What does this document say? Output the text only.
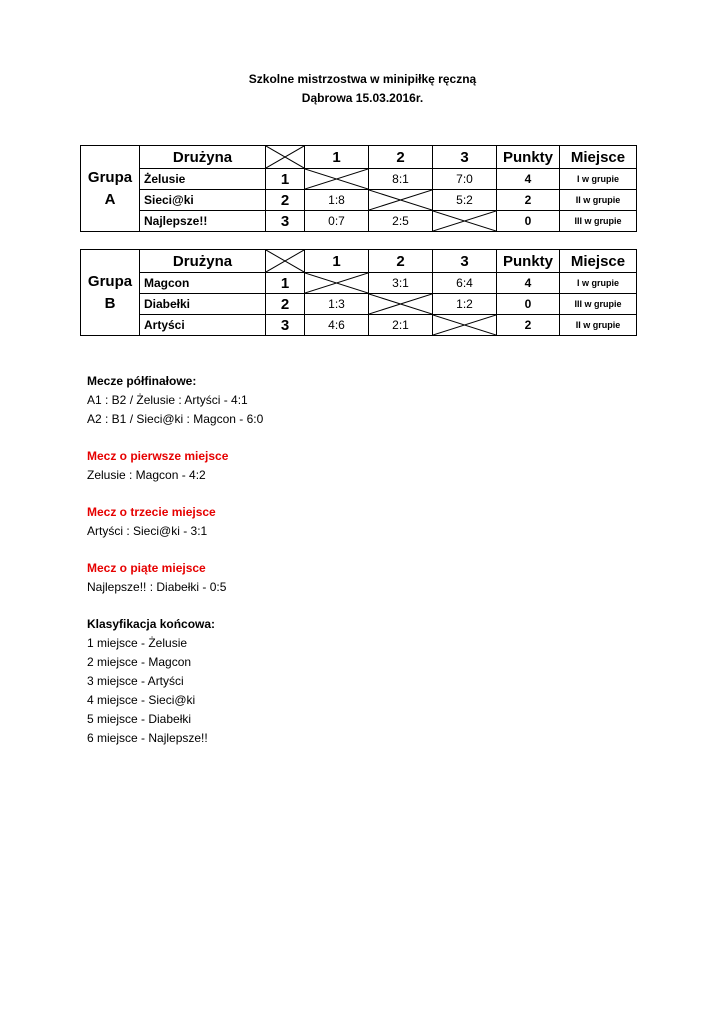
Szkolne mistrzostwa w minipiłkę ręczną
Dąbrowa 15.03.2016r.
Grupa
A	Drużyna		1	2	3	Punkty	Miejsce
	Żelusie	1		8:1	7:0	4	I w grupie
	Sieci@ki	2	1:8		5:2	2	II w grupie
	Najlepsze!!	3	0:7	2:5		0	III w grupie
Grupa
B	Drużyna		1	2	3	Punkty	Miejsce
	Magcon	1		3:1	6:4	4	I w grupie
	Diabełki	2	1:3		1:2	0	III w grupie
	Artyści	3	4:6	2:1		2	II w grupie
Mecze półfinałowe:
A1 : B2 / Żelusie : Artyści - 4:1
A2 : B1 / Sieci@ki : Magcon - 6:0
Mecz o pierwsze miejsce
Zelusie : Magcon - 4:2
Mecz o trzecie miejsce
Artyści : Sieci@ki - 3:1
Mecz o piąte miejsce
Najlepsze!! : Diabełki - 0:5
Klasyfikacja końcowa:
1 miejsce - Żelusie
2 miejsce - Magcon
3 miejsce - Artyści
4 miejsce - Sieci@ki
5 miejsce - Diabełki
6 miejsce - Najlepsze!!
